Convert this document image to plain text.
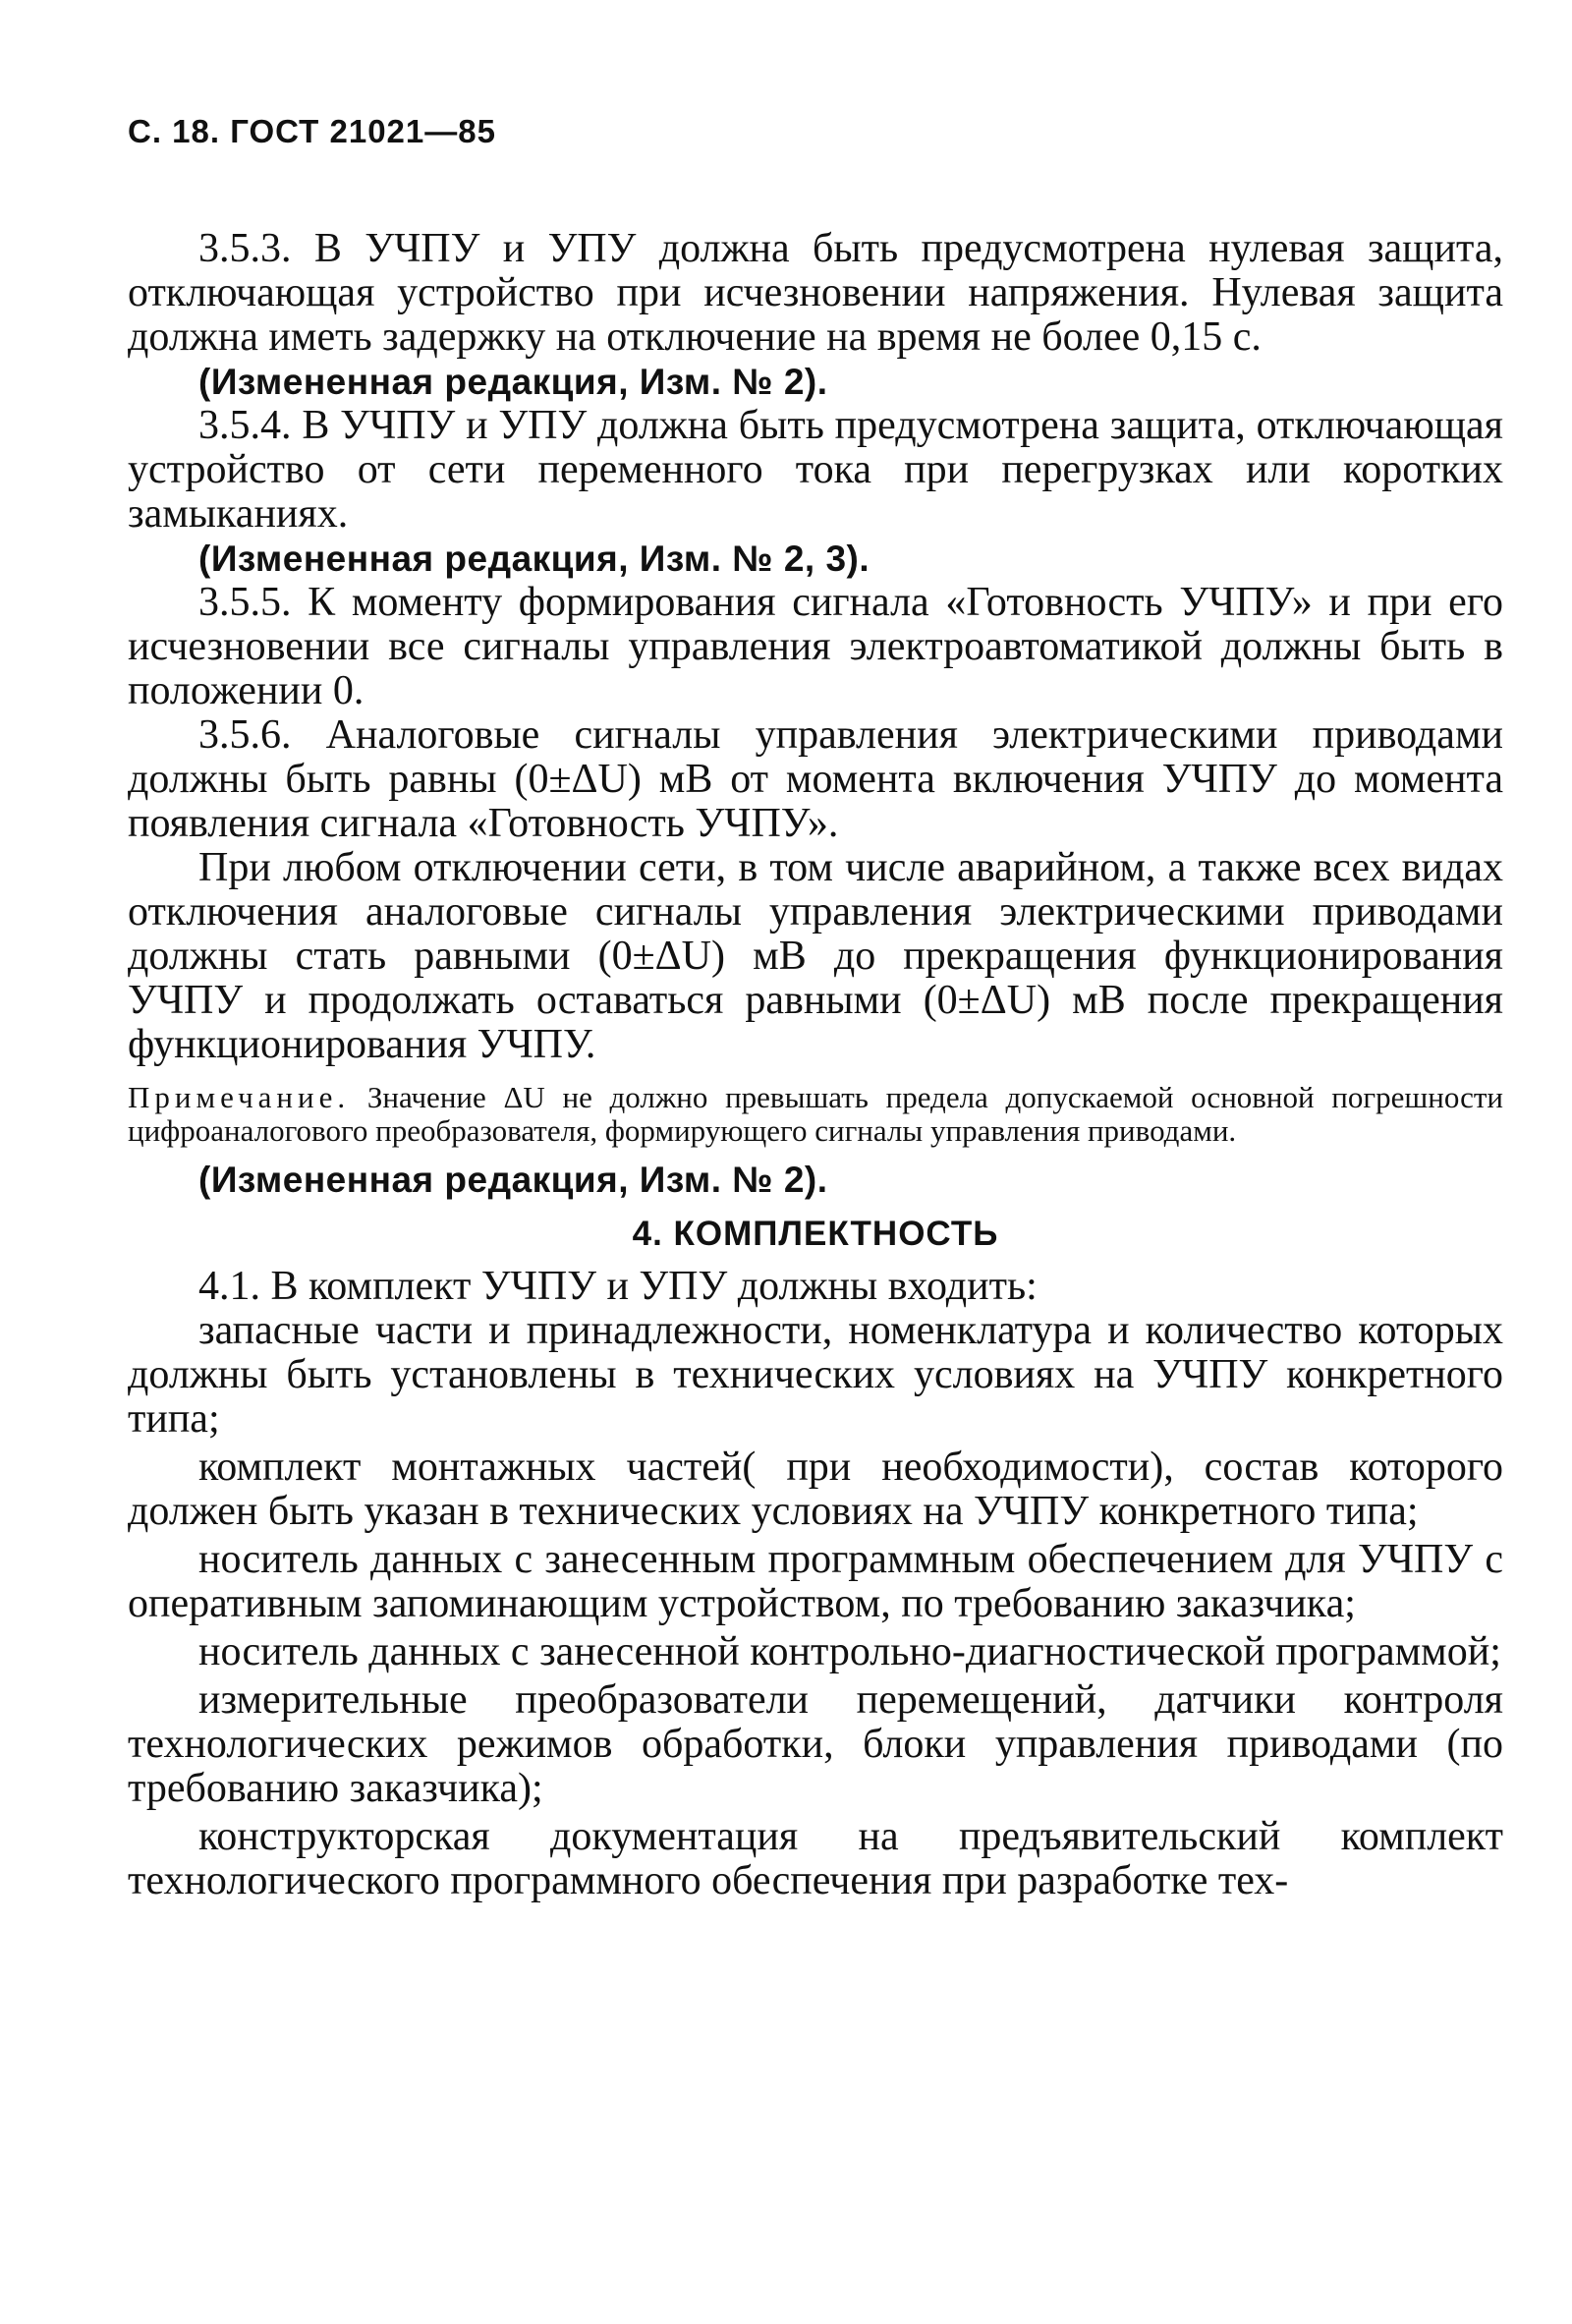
С. 18. ГОСТ 21021—85

3.5.3. В УЧПУ и УПУ должна быть предусмотрена нулевая защита, отключающая устройство при исчезновении напряжения. Нулевая защита должна иметь задержку на отключение на время не более 0,15 с.

(Измененная редакция, Изм. № 2).

3.5.4. В УЧПУ и УПУ должна быть предусмотрена защита, отключающая устройство от сети переменного тока при перегрузках или коротких замыканиях.

(Измененная редакция, Изм. № 2, 3).

3.5.5. К моменту формирования сигнала «Готовность УЧПУ» и при его исчезновении все сигналы управления электроавтоматикой должны быть в положении 0.

3.5.6. Аналоговые сигналы управления электрическими приводами должны быть равны (0±ΔU) мВ от момента включения УЧПУ до момента появления сигнала «Готовность УЧПУ».

При любом отключении сети, в том числе аварийном, а также всех видах отключения аналоговые сигналы управления электрическими приводами должны стать равными (0±ΔU) мВ до прекращения функционирования УЧПУ и продолжать оставаться равными (0±ΔU) мВ после прекращения функционирования УЧПУ.

Примечание. Значение ΔU не должно превышать предела допускаемой основной погрешности цифроаналогового преобразователя, формирующего сигналы управления приводами.

(Измененная редакция, Изм. № 2).

4. КОМПЛЕКТНОСТЬ

4.1. В комплект УЧПУ и УПУ должны входить:

запасные части и принадлежности, номенклатура и количество которых должны быть установлены в технических условиях на УЧПУ конкретного типа;

комплект монтажных частей( при необходимости), состав которого должен быть указан в технических условиях на УЧПУ конкретного типа;

носитель данных с занесенным программным обеспечением для УЧПУ с оперативным запоминающим устройством, по требованию заказчика;

носитель данных с занесенной контрольно-диагностической программой;

измерительные преобразователи перемещений, датчики контроля технологических режимов обработки, блоки управления приводами (по требованию заказчика);

конструкторская документация на предъявительский комплект технологического программного обеспечения при разработке тех-
